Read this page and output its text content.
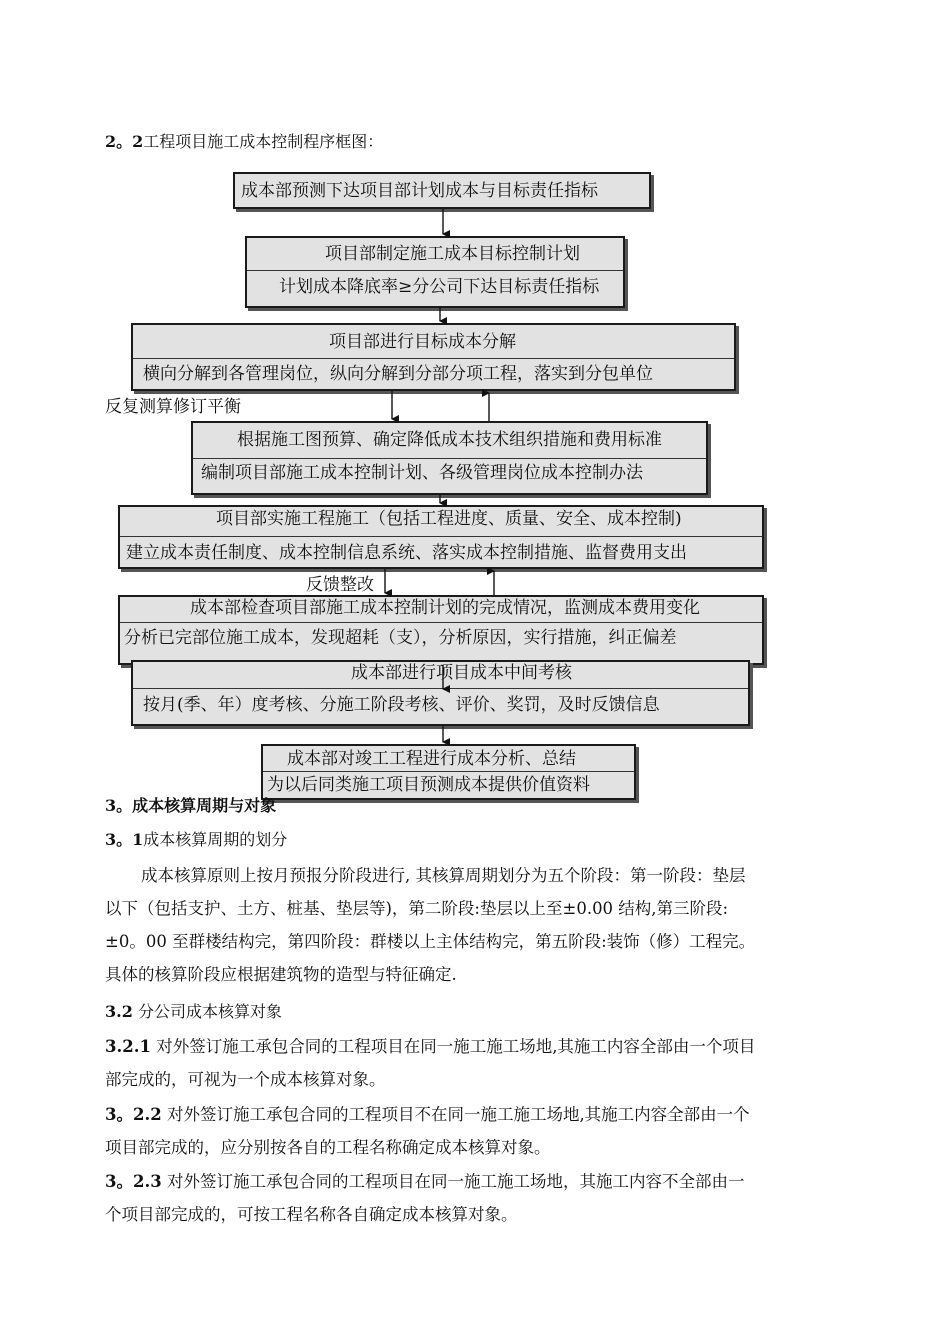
2。2工程项目施工成本控制程序框图：
成本部预测下达项目部计划成本与目标责任指标
项目部制定施工成本目标控制计划
计划成本降底率≥分公司下达目标责任指标
项目部进行目标成本分解
横向分解到各管理岗位，纵向分解到分部分项工程，落实到分包单位
反复测算修订平衡
根据施工图预算、确定降低成本技术组织措施和费用标准
编制项目部施工成本控制计划、各级管理岗位成本控制办法
项目部实施工程施工（包括工程进度、质量、安全、成本控制)
建立成本责任制度、成本控制信息系统、落实成本控制措施、监督费用支出
反馈整改
成本部检查项目部施工成本控制计划的完成情况，监测成本费用变化
分析已完部位施工成本，发现超耗（支），分析原因，实行措施，纠正偏差
成本部进行项目成本中间考核
按月(季、年）度考核、分施工阶段考核、评价、奖罚，及时反馈信息
成本部对竣工工程进行成本分析、总结
为以后同类施工项目预测成本提供价值资料
3。成本核算周期与对象
3。1成本核算周期的划分
成本核算原则上按月预报分阶段进行, 其核算周期划分为五个阶段：第一阶段：垫层
以下（包括支护、土方、桩基、垫层等)，第二阶段:垫层以上至±0.00 结构,第三阶段:
±0。00 至群楼结构完，第四阶段：群楼以上主体结构完，第五阶段:装饰（修）工程完。
具体的核算阶段应根据建筑物的造型与特征确定.
3.2 分公司成本核算对象
3.2.1 对外签订施工承包合同的工程项目在同一施工施工场地,其施工内容全部由一个项目
部完成的，可视为一个成本核算对象。
3。2.2 对外签订施工承包合同的工程项目不在同一施工施工场地,其施工内容全部由一个
项目部完成的，应分别按各自的工程名称确定成本核算对象。
3。2.3 对外签订施工承包合同的工程项目在同一施工施工场地，其施工内容不全部由一
个项目部完成的，可按工程名称各自确定成本核算对象。
